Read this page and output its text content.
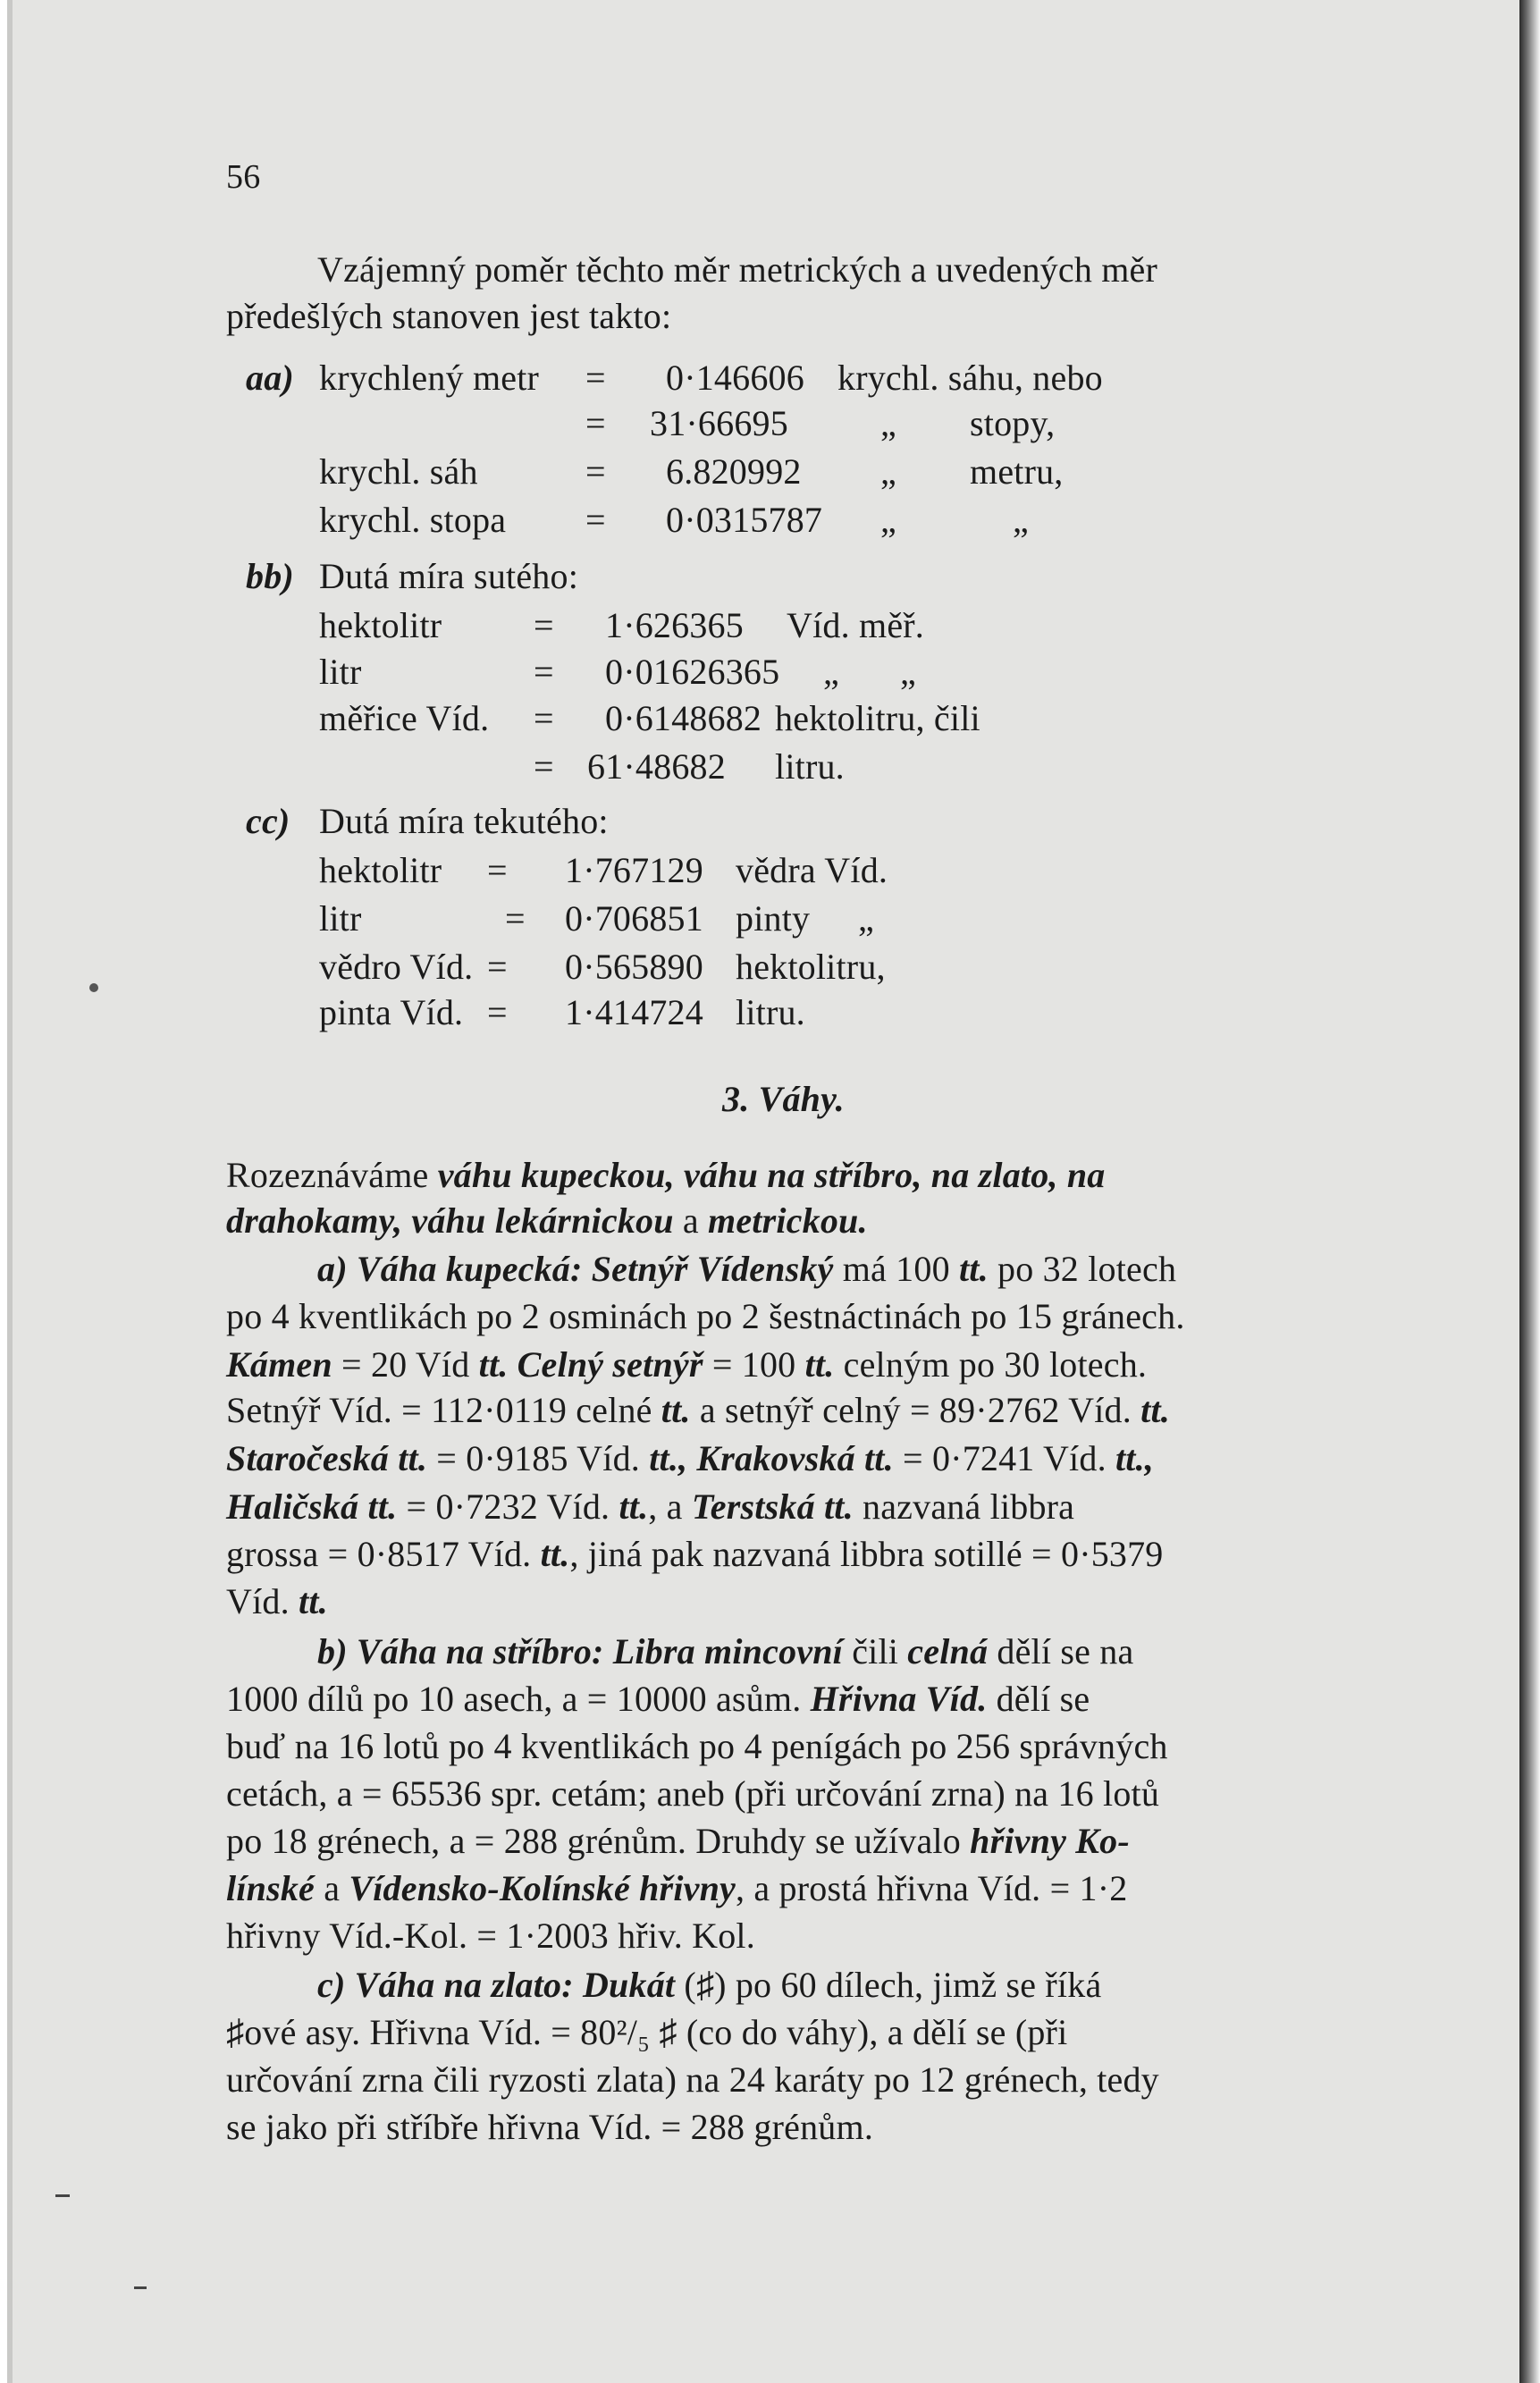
56
Vzájemný poměr těchto měr metrických a uvedených měr
předešlých stanoven jest takto:
aa) krychlený metr = 0·146606 krychl. sáhu, nebo
= 31·66695	„ stopy,
krychl. sáh	= 6.820992 „ metru,
krychl. stopa = 0·0315787 „	„
bb) Dutá míra sutého:
hektolitr	= 1·626365 Víd. měř.
litr	= 0·01626365 „ „
měřice Víd. = 0·6148682 hektolitru, čili
= 61·48682 litru.
cc) Dutá míra tekutého:
hektolitr = 1·767129 vědra Víd.
litr	= 0·706851 pinty „
vědro Víd. = 0·565890 hektolitru,
pinta Víd. = 1·414724 litru.
3. Váhy.
Rozeznáváme váhu kupeckou, váhu na stříbro, na zlato, na
drahokamy, váhu lekárnickou a metrickou.
a) Váha kupecká: Setnýř Vídenský má 100 tt. po 32 lotech
po 4 kventlikách po 2 osminách po 2 šestnáctinách po 15 gránech.
Kámen = 20 Víd tt. Celný setnýř = 100 tt. celným po 30 lotech.
Setnýř Víd. = 112·0119 celné tt. a setnýř celný = 89·2762 Víd. tt.
Staročeská tt. = 0·9185 Víd. tt., Krakovská tt. = 0·7241 Víd. tt.,
Haličská tt. = 0·7232 Víd. tt., a Terstská tt. nazvaná libbra
grossa = 0·8517 Víd. tt., jiná pak nazvaná libbra sotillé = 0·5379
Víd. tt.
b) Váha na stříbro: Libra mincovní čili celná dělí se na
1000 dílů po 10 asech, a = 10000 asům. Hřivna Víd. dělí se
buď na 16 lotů po 4 kventlikách po 4 penígách po 256 správných
cetách, a = 65536 spr. cetám; aneb (při určování zrna) na 16 lotů
po 18 grénech, a = 288 grénům. Druhdy se užívalo hřivny Ko-
línské a Vídensko-Kolínské hřivny, a prostá hřivna Víd. = 1·2
hřivny Víd.-Kol. = 1·2003 hřiv. Kol.
c) Váha na zlato: Dukát (♯) po 60 dílech, jimž se říká
♯ové asy. Hřivna Víd. = 80²/₅ ♯ (co do váhy), a dělí se (při
určování zrna čili ryzosti zlata) na 24 karáty po 12 grénech, tedy
se jako při stříbře hřivna Víd. = 288 grénům.
